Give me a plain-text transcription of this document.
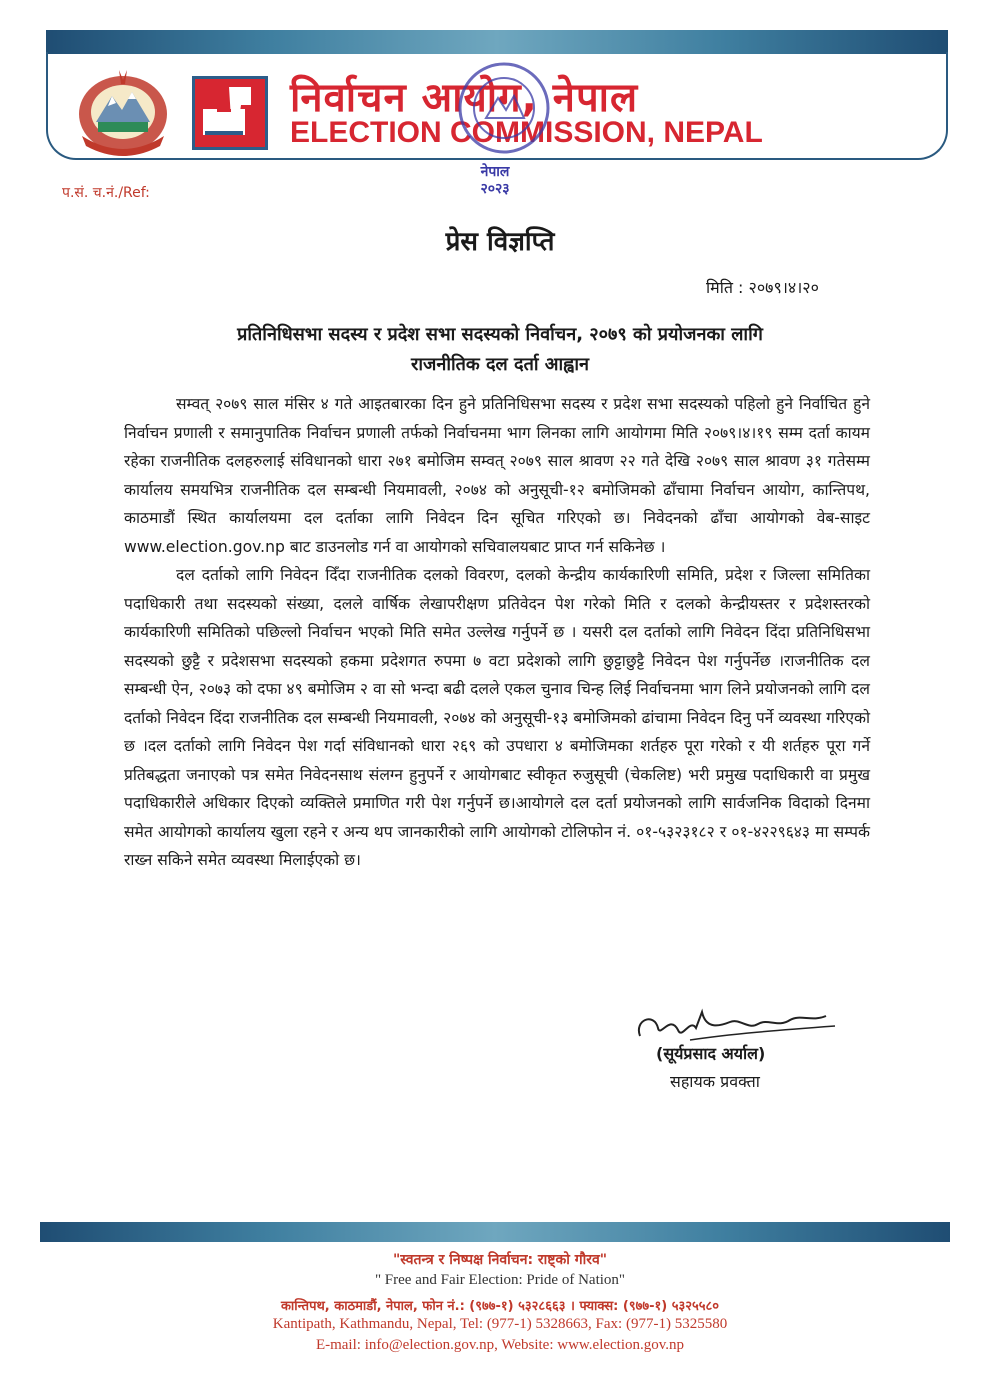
निर्वाचन आयोग, नेपाल
ELECTION COMMISSION, NEPAL
नेपाल २०२३
प.सं. च.नं./Ref:
प्रेस विज्ञप्ति
मिति : २०७९।४।२०
प्रतिनिधिसभा सदस्य र प्रदेश सभा सदस्यको निर्वाचन, २०७९ को प्रयोजनका लागि
राजनीतिक दल दर्ता आह्वान

सम्वत् २०७९ साल मंसिर ४ गते आइतबारका दिन हुने प्रतिनिधिसभा सदस्य र प्रदेश सभा सदस्यको पहिलो हुने निर्वाचित हुने निर्वाचन प्रणाली र समानुपातिक निर्वाचन प्रणाली तर्फको निर्वाचनमा भाग लिनका लागि आयोगमा मिति २०७९।४।१९ सम्म दर्ता कायम रहेका राजनीतिक दलहरुलाई संविधानको धारा २७१ बमोजिम सम्वत् २०७९ साल श्रावण २२ गते देखि २०७९ साल श्रावण ३१ गतेसम्म कार्यालय समयभित्र राजनीतिक दल सम्बन्धी नियमावली, २०७४ को अनुसूची-१२ बमोजिमको ढाँचामा निर्वाचन आयोग, कान्तिपथ, काठमाडौं स्थित कार्यालयमा दल दर्ताका लागि निवेदन दिन सूचित गरिएको छ। निवेदनको ढाँचा आयोगको वेब-साइट www.election.gov.np बाट डाउनलोड गर्न वा आयोगको सचिवालयबाट प्राप्त गर्न सकिनेछ ।

दल दर्ताको लागि निवेदन दिँदा राजनीतिक दलको विवरण, दलको केन्द्रीय कार्यकारिणी समिति, प्रदेश र जिल्ला समितिका पदाधिकारी तथा सदस्यको संख्या, दलले वार्षिक लेखापरीक्षण प्रतिवेदन पेश गरेको मिति र दलको केन्द्रीयस्तर र प्रदेशस्तरको कार्यकारिणी समितिको पछिल्लो निर्वाचन भएको मिति समेत उल्लेख गर्नुपर्ने छ । यसरी दल दर्ताको लागि निवेदन दिंदा प्रतिनिधिसभा सदस्यको छुट्टै र प्रदेशसभा सदस्यको हकमा प्रदेशगत रुपमा ७ वटा प्रदेशको लागि छुट्टाछुट्टै निवेदन पेश गर्नुपर्नेछ ।राजनीतिक दल सम्बन्धी ऐन, २०७३ को दफा ४९ बमोजिम २ वा सो भन्दा बढी दलले एकल चुनाव चिन्ह लिई निर्वाचनमा भाग लिने प्रयोजनको लागि दल दर्ताको निवेदन दिंदा राजनीतिक दल सम्बन्धी नियमावली, २०७४ को अनुसूची-१३ बमोजिमको ढांचामा निवेदन दिनु पर्ने व्यवस्था गरिएको छ ।दल दर्ताको लागि निवेदन पेश गर्दा संविधानको धारा २६९ को उपधारा ४ बमोजिमका शर्तहरु पूरा गरेको र यी शर्तहरु पूरा गर्ने प्रतिबद्धता जनाएको पत्र समेत निवेदनसाथ संलग्न हुनुपर्ने र आयोगबाट स्वीकृत रुजुसूची (चेकलिष्ट) भरी प्रमुख पदाधिकारी वा प्रमुख पदाधिकारीले अधिकार दिएको व्यक्तिले प्रमाणित गरी पेश गर्नुपर्ने छ।आयोगले दल दर्ता प्रयोजनको लागि सार्वजनिक विदाको दिनमा समेत आयोगको कार्यालय खुला रहने र अन्य थप जानकारीको लागि आयोगको टोलिफोन नं. ०१-५३२३१८२ र ०१-४२२९६४३ मा सम्पर्क राख्न सकिने समेत व्यवस्था मिलाईएको छ।

(सूर्यप्रसाद अर्याल)
सहायक प्रवक्ता
"स्वतन्त्र र निष्पक्ष निर्वाचन: राष्ट्को गौरव"
" Free and Fair Election: Pride of Nation"
कान्तिपथ, काठमाडौं, नेपाल, फोन नं.: (९७७-१) ५३२८६६३ । फ्याक्स: (९७७-१) ५३२५५८०
Kantipath, Kathmandu, Nepal, Tel: (977-1) 5328663, Fax: (977-1) 5325580
E-mail: info@election.gov.np, Website: www.election.gov.np
